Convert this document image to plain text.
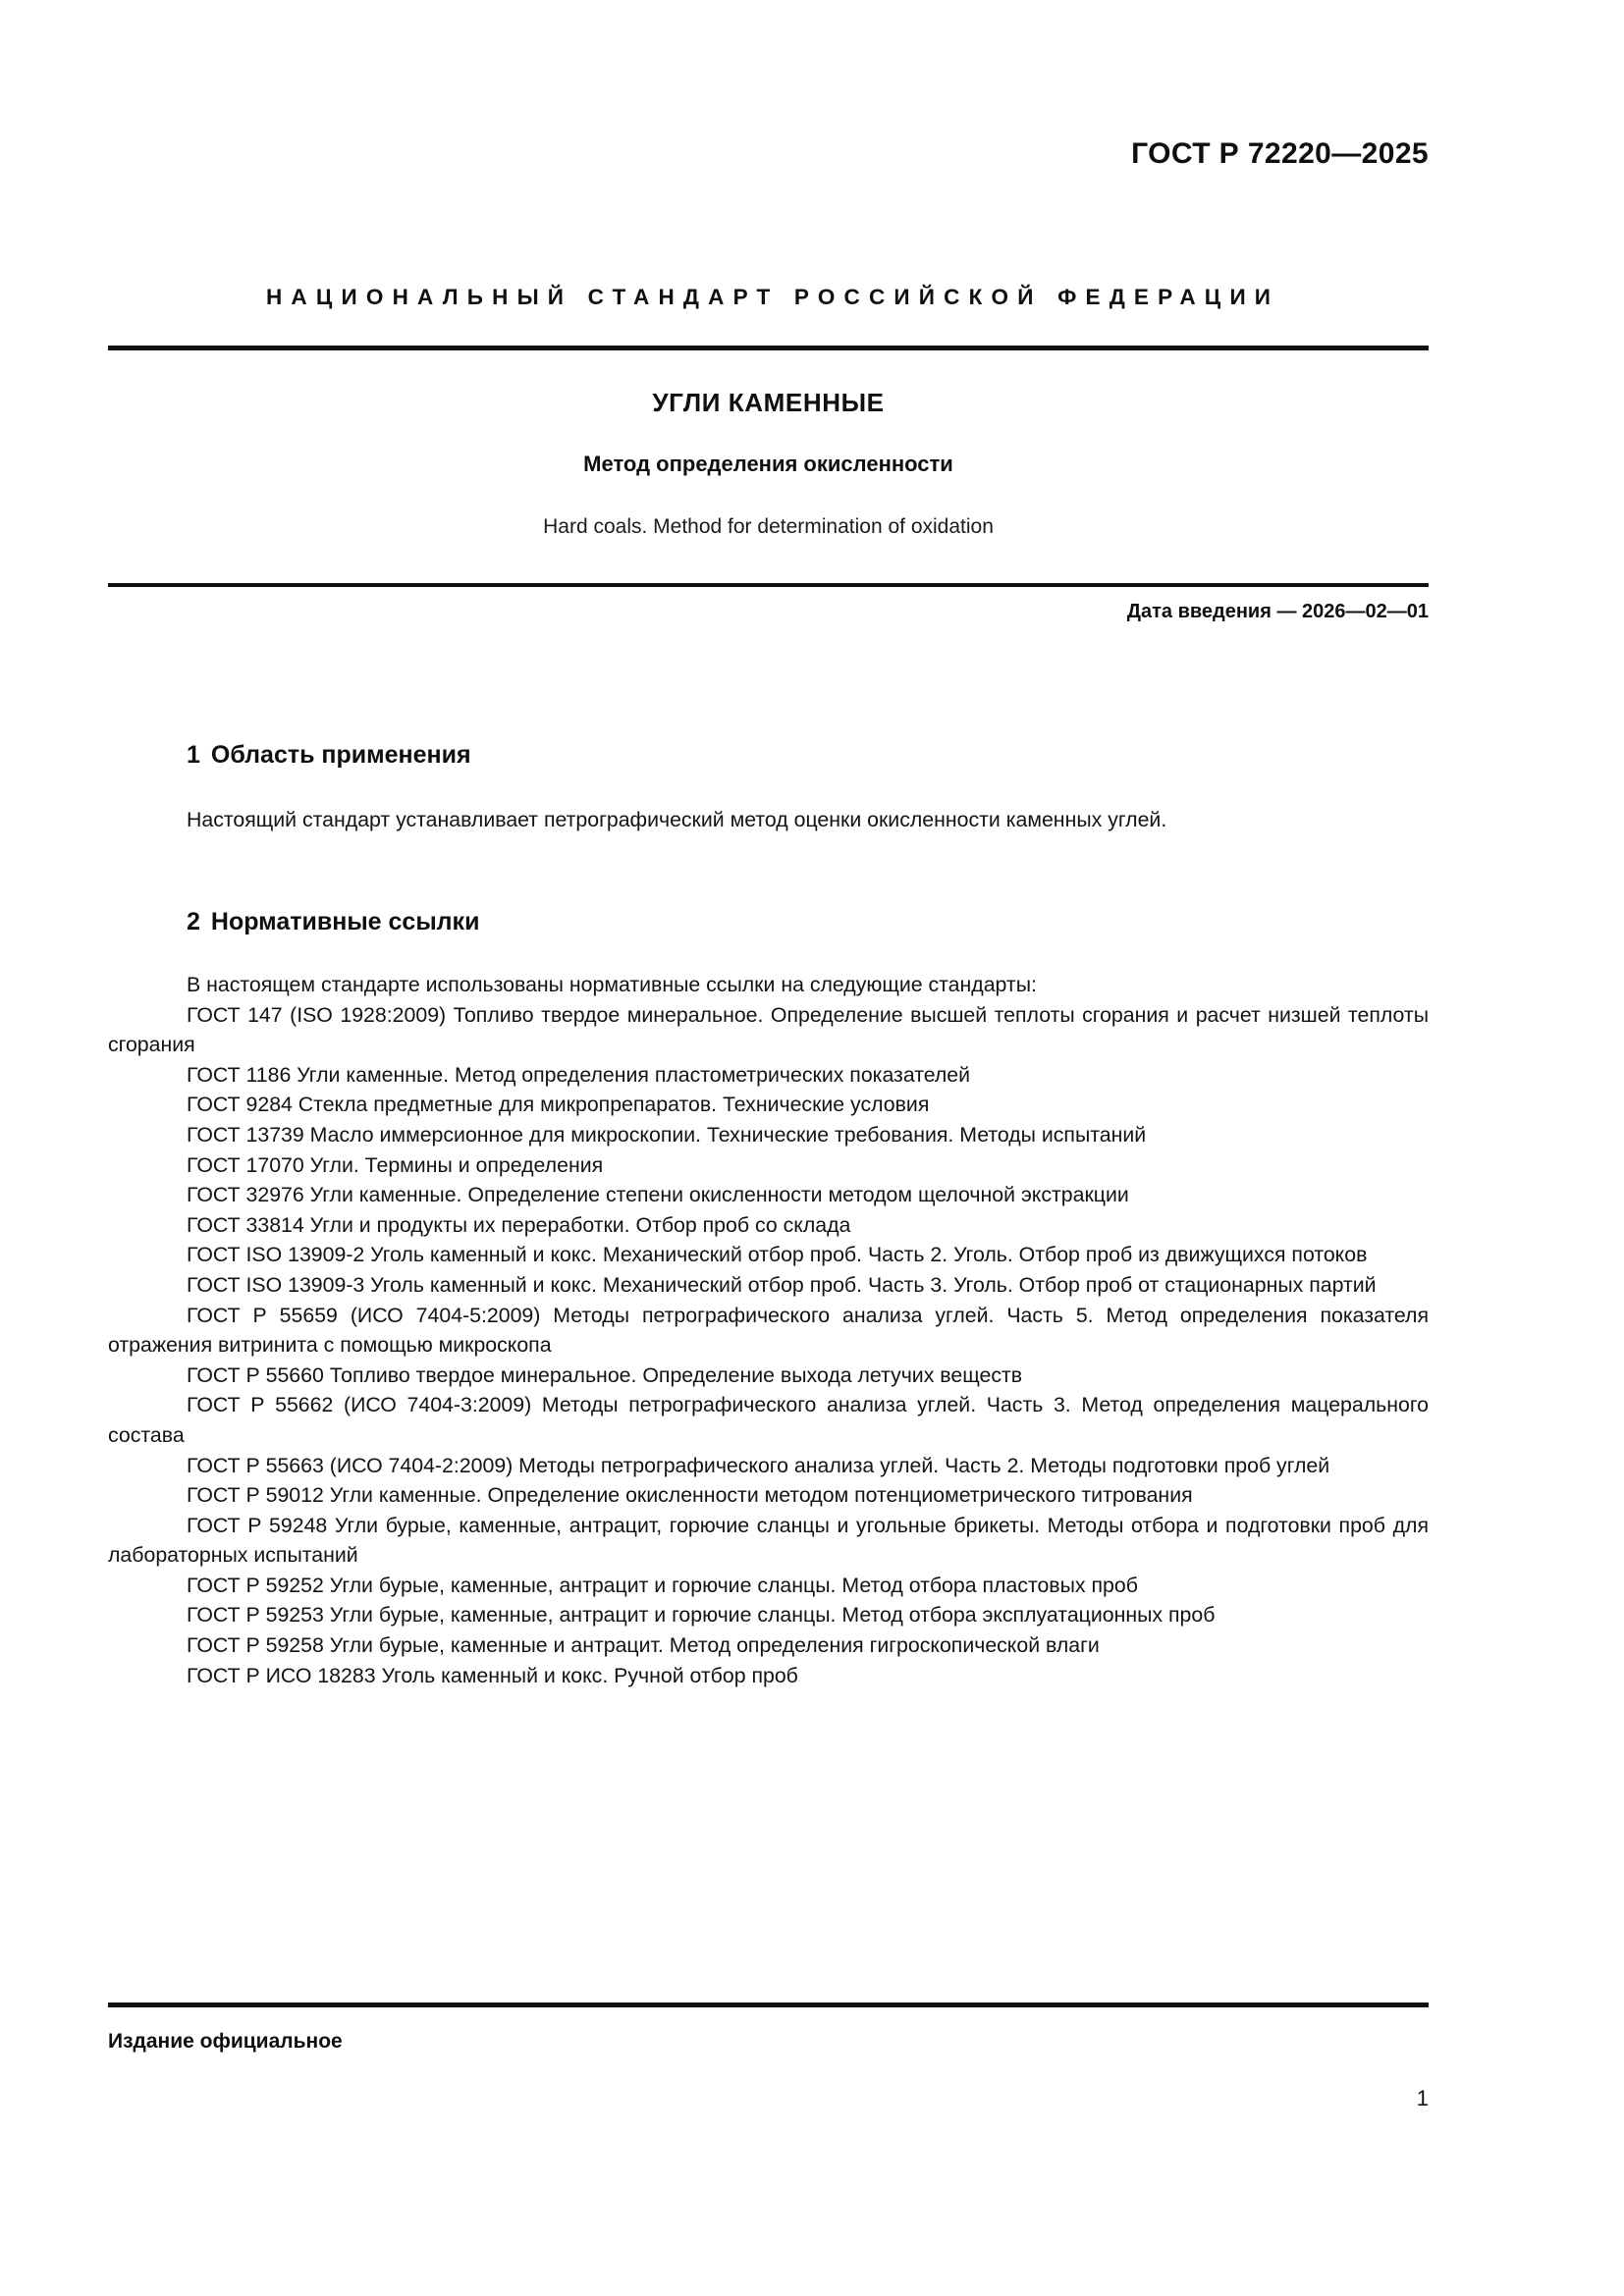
ГОСТ Р 72220—2025
НАЦИОНАЛЬНЫЙ СТАНДАРТ РОССИЙСКОЙ ФЕДЕРАЦИИ
УГЛИ КАМЕННЫЕ
Метод определения окисленности
Hard coals. Method for determination of oxidation
Дата введения — 2026—02—01
1 Область применения

Настоящий стандарт устанавливает петрографический метод оценки окисленности каменных углей.

2 Нормативные ссылки

В настоящем стандарте использованы нормативные ссылки на следующие стандарты:

ГОСТ 147 (ISO 1928:2009) Топливо твердое минеральное. Определение высшей теплоты сгорания и расчет низшей теплоты сгорания

ГОСТ 1186 Угли каменные. Метод определения пластометрических показателей

ГОСТ 9284 Стекла предметные для микропрепаратов. Технические условия

ГОСТ 13739 Масло иммерсионное для микроскопии. Технические требования. Методы испытаний

ГОСТ 17070 Угли. Термины и определения

ГОСТ 32976 Угли каменные. Определение степени окисленности методом щелочной экстракции

ГОСТ 33814 Угли и продукты их переработки. Отбор проб со склада

ГОСТ ISO 13909-2 Уголь каменный и кокс. Механический отбор проб. Часть 2. Уголь. Отбор проб из движущихся потоков

ГОСТ ISO 13909-3 Уголь каменный и кокс. Механический отбор проб. Часть 3. Уголь. Отбор проб от стационарных партий

ГОСТ Р 55659 (ИСО 7404-5:2009) Методы петрографического анализа углей. Часть 5. Метод определения показателя отражения витринита с помощью микроскопа

ГОСТ Р 55660 Топливо твердое минеральное. Определение выхода летучих веществ

ГОСТ Р 55662 (ИСО 7404-3:2009) Методы петрографического анализа углей. Часть 3. Метод определения мацерального состава

ГОСТ Р 55663 (ИСО 7404-2:2009) Методы петрографического анализа углей. Часть 2. Методы подготовки проб углей

ГОСТ Р 59012 Угли каменные. Определение окисленности методом потенциометрического титрования

ГОСТ Р 59248 Угли бурые, каменные, антрацит, горючие сланцы и угольные брикеты. Методы отбора и подготовки проб для лабораторных испытаний

ГОСТ Р 59252 Угли бурые, каменные, антрацит и горючие сланцы. Метод отбора пластовых проб

ГОСТ Р 59253 Угли бурые, каменные, антрацит и горючие сланцы. Метод отбора эксплуатационных проб

ГОСТ Р 59258 Угли бурые, каменные и антрацит. Метод определения гигроскопической влаги

ГОСТ Р ИСО 18283 Уголь каменный и кокс. Ручной отбор проб

Издание официальное
1
